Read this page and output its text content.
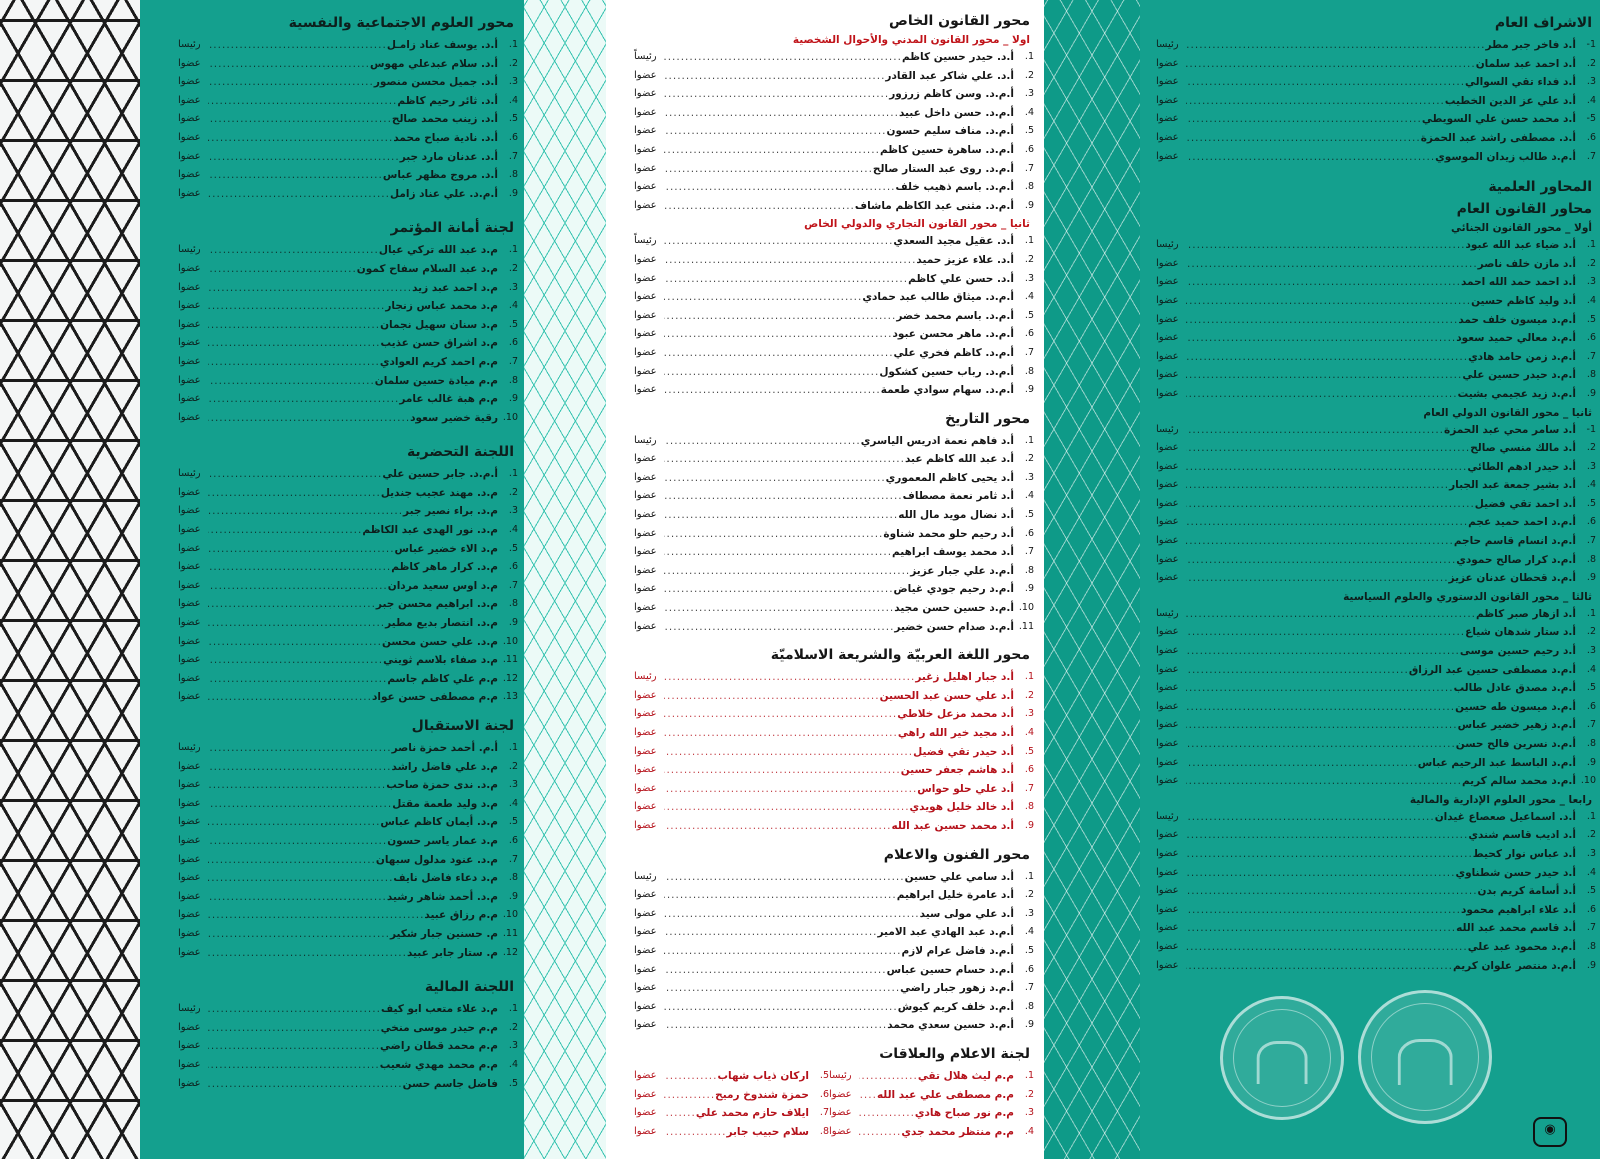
محور العلوم الاجتماعية والنفسية
1.
أ.د. يوسف عناد زامـل
.....
رئيسا
2.
أ.د. سلام عبدعلي مهوس
.....
عضوا
3.
أ.د. جميل محسن منصور
.....
عضوا
4.
أ.د. ثائر رحيم كاظم
.....
عضوا
5.
أ.د. زينب محمد صالح
.....
عضوا
6.
أ.د. نادية صباح محمد
.....
عضوا
7.
أ.د. عدنان مارد جبر
.....
عضوا
8.
أ.د. مروج مظهر عباس
.....
عضوا
9.
أ.م.د. علي عناد زامل
.....
عضوا
لجنة أمانة المؤتمر
1.
م.د عبد الله تركي عيال
.....
رئيسا
2.
م.د عبد السلام سفاح كمون
.....
عضوا
3.
م.د احمد عبد زيد
.....
عضوا
4.
م.د محمد عباس زنجار
.....
عضوا
5.
م.د سنان سهيل نجمان
.....
عضوا
6.
م.د اشراق حسن عذيب
.....
عضوا
7.
م.م احمد كريم العوادي
.....
عضوا
8.
م.م ميادة حسين سلمان
.....
عضوا
9.
م.م هبة غالب عامر
.....
عضوا
10.
رقية خضير سعود
.....
عضوا
اللجنة التحضرية
1.
أ.م.د. جابر حسين علي
.....
رئيسا
2.
م.د. مهند عجيب جنديل
.....
عضوا
3.
م.د. براء نصير جبر
.....
عضوا
4.
م.د. نور الهدى عبد الكاظم
.....
عضوا
5.
م.د الاء خضير عباس
.....
عضوا
6.
م.د. كرار ماهر كاظم
.....
عضوا
7.
م.د اوس سعيد مردان
.....
عضوا
8.
م.د. ابراهيم محسن جبر
.....
عضوا
9.
م.د. انتصار بديع مطير
.....
عضوا
10.
م.د. علي حسن محسن
.....
عضوا
11.
م.د صفاء بلاسم ثويني
.....
عضوا
12.
م.م علي كاظم جاسم
.....
عضوا
13.
م.م مصطفى حسن عواد
.....
عضوا
لجنة الاستقبال
1.
أ.م. أحمد حمزة ناصر
.....
رئيسا
2.
م.د علي فاضل راشد
.....
عضوا
3.
م.د. ندى حمزة صاحب
.....
عضوا
4.
م.د وليد طعمة مقتل
.....
عضوا
5.
م.د. أيمان كاظم عباس
.....
عضوا
6.
م.د عمار ياسر حسون
.....
عضوا
7.
م.د. عنود مدلول سبهان
.....
عضوا
8.
م.د دعاء فاضل نايف
.....
عضوا
9.
م.د. أحمد شاهر رشيد
.....
عضوا
10.
م.م رزاق عبيد
.....
عضوا
11.
م. حسنين جبار شكير
.....
عضوا
12.
م. ستار جابر عبيد
.....
عضوا
اللجنة المالية
1.
م.د علاء متعب ابو كيف
.....
رئيسا
2.
م.م حيدر موسى منخي
.....
عضوا
3.
م.م محمد قطان راضي
.....
عضوا
4.
م.م محمد مهدي شعيب
.....
عضوا
5.
فاضل جاسم حسن
.....
عضوا
محور القانون الخاص
اولا _ محور القانون المدني والأحوال الشخصية
1.
أ.د. حيدر حسين كاظم
.....
رئيساً
2.
أ.د. علي شاكر عبد القادر
.....
عضوا
3.
أ.م.د. وسن كاظم زرزور
.....
عضوا
4.
أ.م.د. حسن داخل عبيد
.....
عضوا
5.
أ.م.د. مناف سليم حسون
.....
عضوا
6.
أ.م.د. ساهرة حسين كاظم
.....
عضوا
7.
أ.م.د. روى عبد الستار صالح
.....
عضوا
8.
أ.م.د. باسم ذهيب خلف
.....
عضوا
9.
أ.م.د. مثنى عبد الكاظم ماشاف
.....
عضوا
ثانيا _ محور القانون التجاري والدولي الخاص
1.
أ.د. عقيل مجيد السعدي
.....
رئيساً
2.
أ.د. علاء عزيز حميد
.....
عضوا
3.
أ.د. حسن علي كاظم
.....
عضوا
4.
أ.م.د. ميثاق طالب عبد حمادي
.....
عضوا
5.
أ.م.د. باسم محمد خضر
.....
عضوا
6.
أ.م.د. ماهر محسن عبود
.....
عضوا
7.
أ.م.د. كاظم فخري علي
.....
عضوا
8.
أ.م.د. رباب حسين كشكول
.....
عضوا
9.
أ.م.د. سهام سوادي طعمة
.....
عضوا
محور التاريخ
1.
أ.د فاهم نعمة ادريس الياسري
.....
رئيسا
2.
أ.د عبد الله كاظم عبد
.....
عضوا
3.
أ.د يحيى كاظم المعموري
.....
عضوا
4.
أ.د ثامر نعمة مصطاف
.....
عضوا
5.
أ.د نضال مويد مال الله
.....
عضوا
6.
أ.د رحيم حلو محمد شناوة
.....
عضوا
7.
أ.د محمد يوسف ابراهيم
.....
عضوا
8.
أ.م.د علي جبار عزيز
.....
عضوا
9.
أ.م.د رحيم جودي غياض
.....
عضوا
10.
أ.م.د حسين حسن مجيد
.....
عضوا
11.
أ.م.د صدام حسن خضير
.....
عضوا
محور اللغة العربيّة والشريعة الاسلاميّة
1.
أ.د جبار اهليل زغير
.....
رئيسا
2.
أ.د علي حسن عبد الحسين
.....
عضوا
3.
أ.د محمد مزعل خلاطي
.....
عضوا
4.
أ.د مجيد خير الله راهي
.....
عضوا
5.
أ.د حيدر تقي فضيل
.....
عضوا
6.
أ.د هاشم جعفر حسين
.....
عضوا
7.
أ.د علي حلو حواس
.....
عضوا
8.
أ.د خالد خليل هويدي
.....
عضوا
9.
أ.د محمد حسين عبد الله
.....
عضوا
محور الفنون والاعلام
1.
أ.د سامي علي حسين
.....
رئيسا
2.
أ.د عامرة خليل ابراهيم
.....
عضوا
3.
أ.د علي مولى سيد
.....
عضوا
4.
أ.م.د عبد الهادي عبد الامير
.....
عضوا
5.
أ.م.د فاضل عرام لازم
.....
عضوا
6.
أ.م.د حسام حسين عباس
.....
عضوا
7.
أ.م.د زهور جبار راضي
.....
عضوا
8.
أ.م.د خلف كريم كيوش
.....
عضوا
9.
أ.م.د حسين سعدي محمد
.....
عضوا
لجنة الاعلام والعلاقات
1.
م.م ليث هلال تقي
.....
رئيسا
2.
م.م مصطفى علي عبد الله
.....
عضوا
3.
م.م نور صباح هادي
.....
عضوا
4.
م.م منتظر محمد جدي
.....
عضوا
5.
اركان ذياب شهاب
.....
عضوا
6.
حمزة شندوخ رميح
.....
عضوا
7.
ايلاف حازم محمد علي
.....
عضوا
8.
سلام حبيب جابر
.....
عضوا
الاشراف العام
1-
أ.د فاخر جبر مطر
.....
رئيسا
2.
أ.د احمد عبد سلمان
.....
عضوا
3.
أ.د فداء تقي السوالي
.....
عضوا
4.
أ.د علي عز الدين الخطيب
.....
عضوا
5-
أ.د محمد حسن علي السويطي
.....
عضوا
6.
أ.د. مصطفى راشد عبد الحمزة
.....
عضوا
7.
أ.م.د طالب زيدان الموسوي
.....
عضوا
المحاور العلمية
محاور القانون العام
أولا _ محور القانون الجنائي
1.
أ.د ضياء عبد الله عبود
.....
رئيسا
2.
أ.د مازن خلف ناصر
.....
عضوا
3.
أ.د احمد حمد الله احمد
.....
عضوا
4.
أ.د وليد كاظم حسين
.....
عضوا
5.
أ.م.د ميسون خلف حمد
.....
عضوا
6.
أ.م.د معالي حميد سعود
.....
عضوا
7.
أ.م.د زمن حامد هادي
.....
عضوا
8.
أ.م.د حيدر حسين علي
.....
عضوا
9.
أ.م.د زيد عجيمي بشيت
.....
عضوا
ثانيا _ محور القانون الدولي العام
1-
أ.د سامر محي عبد الحمزة
.....
رئيسا
2.
أ.د مالك منسي صالح
.....
عضوا
3.
أ.د حيدر ادهم الطائي
.....
عضوا
4.
أ.د بشير جمعة عبد الجبار
.....
عضوا
5.
أ.د احمد تقي فضيل
.....
عضوا
6.
أ.م.د احمد حميد عجم
.....
عضوا
7.
أ.م.د انسام قاسم حاجم
.....
عضوا
8.
أ.م.د كرار صالح حمودي
.....
عضوا
9.
أ.م.د قحطان عدنان عزيز
.....
عضوا
ثالثا _ محور القانون الدستوري والعلوم السياسية
1.
أ.د ازهار صبر كاظم
.....
رئيسا
2.
أ.د ستار شدهان شياع
.....
عضوا
3.
أ.د رحيم حسين موسى
.....
عضوا
4.
أ.م.د مصطفى حسين عبد الرزاق
.....
عضوا
5.
أ.م.د مصدق عادل طالب
.....
عضوا
6.
أ.م.د ميسون طه حسين
.....
عضوا
7.
أ.م.د زهير خضير عباس
.....
عضوا
8.
أ.م.د نسرين فالح حسن
.....
عضوا
9.
أ.م.د الباسط عبد الرحيم عباس
.....
عضوا
10.
أ.م.د محمد سالم كريم
.....
عضوا
رابعا _ محور العلوم الإدارية والمالية
1.
أ.د. اسماعيل صعصاع غيدان
.....
رئيسا
2.
أ.د اديب قاسم شندي
.....
عضوا
3.
أ.د عباس نوار كحيط
.....
عضوا
4.
أ.د حيدر حسن شطناوي
.....
عضوا
5.
أ.د أسامة كريم بدن
.....
عضوا
6.
أ.د علاء ابراهيم محمود
.....
عضوا
7.
أ.د قاسم محمد عبد الله
.....
عضوا
8.
أ.م.د محمود عبد علي
.....
عضوا
9.
أ.م.د منتصر علوان كريم
.....
عضوا
◉
